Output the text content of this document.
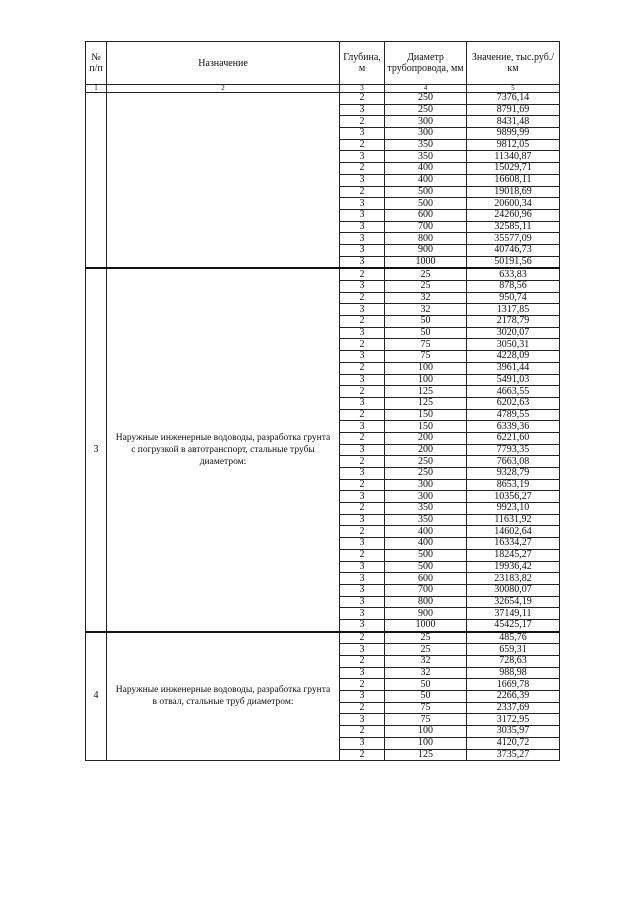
№ п/п	Назначение	Глубина, м	Диаметр трубопровода, мм	Значение, тыс.руб./км
1	2	3	4	5
		2	250	7376,14
		3	250	8791,69
		2	300	8431,48
		3	300	9899,99
		2	350	9812,05
		3	350	11340,87
		2	400	15029,71
		3	400	16608,11
		2	500	19018,69
		3	500	20600,34
		3	600	24260,96
		3	700	32585,11
		3	800	35577,09
		3	900	40746,73
		3	1000	50191,56
3	Наружные инженерные водоводы, разработка грунта с погрузкой в автотранспорт, стальные трубы диаметром:	2	25	633,83
		3	25	878,56
		2	32	950,74
		3	32	1317,85
		2	50	2178,79
		3	50	3020,07
		2	75	3050,31
		3	75	4228,09
		2	100	3961,44
		3	100	5491,03
		2	125	4663,55
		3	125	6202,63
		2	150	4789,55
		3	150	6339,36
		2	200	6221,60
		3	200	7793,35
		2	250	7663,08
		3	250	9328,79
		2	300	8653,19
		3	300	10356,27
		2	350	9923,10
		3	350	11631,92
		2	400	14602,64
		3	400	16334,27
		2	500	18245,27
		3	500	19936,42
		3	600	23183,82
		3	700	30080,07
		3	800	32654,19
		3	900	37149,11
		3	1000	45425,17
4	Наружные инженерные водоводы, разработка грунта в отвал, стальные труб диаметром:	2	25	485,76
		3	25	659,31
		2	32	728,63
		3	32	988,98
		2	50	1669,78
		3	50	2266,39
		2	75	2337,69
		3	75	3172,95
		2	100	3035,97
		3	100	4120,72
		2	125	3735,27
